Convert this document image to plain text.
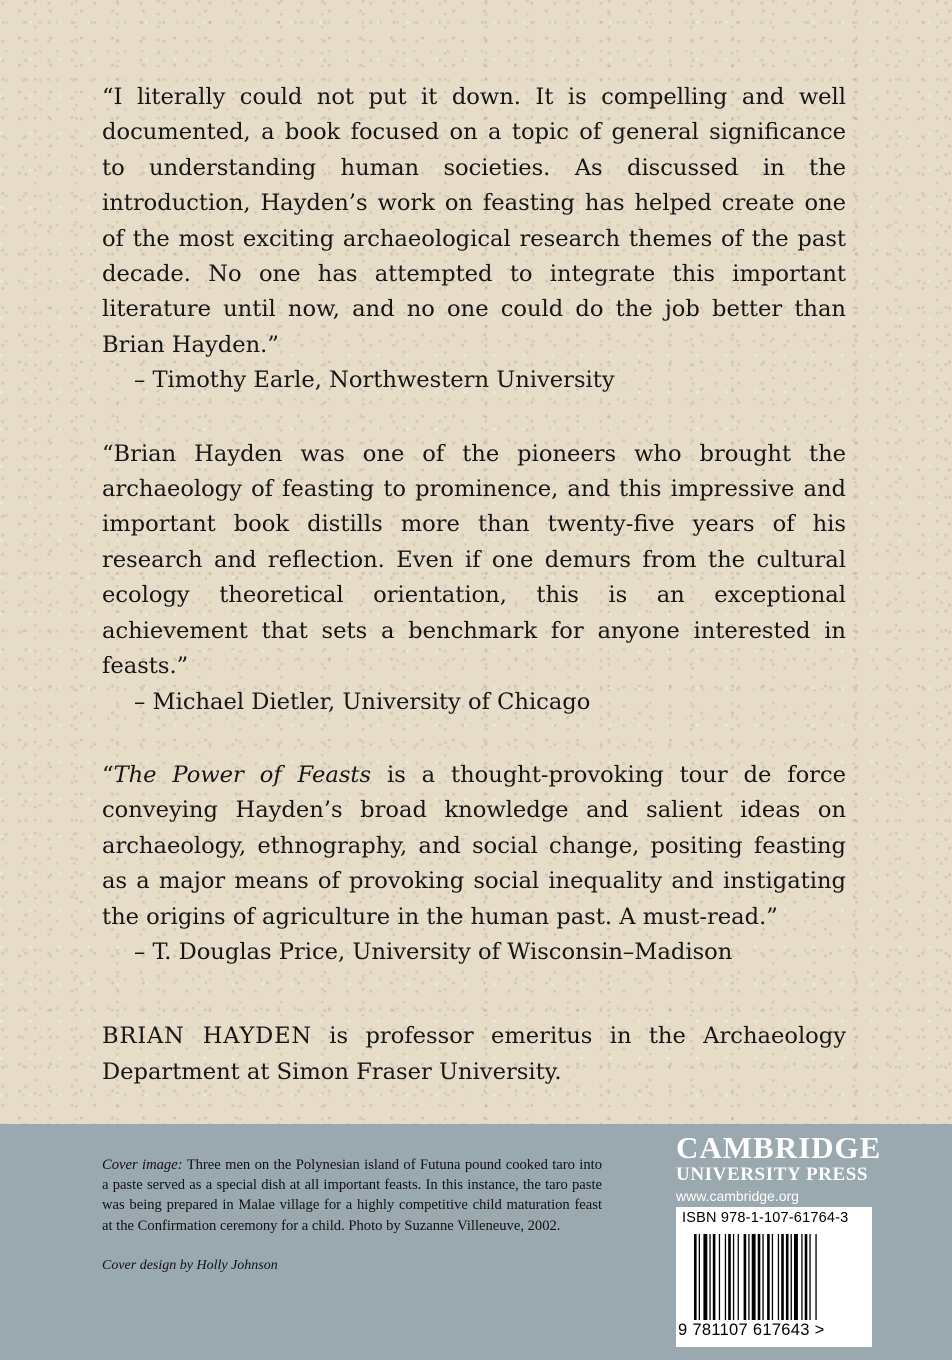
“I literally could not put it down. It is compelling and well documented, a book focused on a topic of general significance to understanding human societies. As discussed in the introduction, Hayden’s work on feasting has helped create one of the most exciting archaeological research themes of the past decade. No one has attempted to integrate this important literature until now, and no one could do the job better than Brian Hayden.”

– Timothy Earle, Northwestern University

“Brian Hayden was one of the pioneers who brought the archaeology of feasting to prominence, and this impressive and important book distills more than twenty-five years of his research and reflection. Even if one demurs from the cultural ecology theoretical orientation, this is an exceptional achievement that sets a benchmark for anyone interested in feasts.”

– Michael Dietler, University of Chicago

“The Power of Feasts is a thought-provoking tour de force conveying Hayden’s broad knowledge and salient ideas on archaeology, ethnography, and social change, positing feasting as a major means of provoking social inequality and instigating the origins of agriculture in the human past. A must-read.”

– T. Douglas Price, University of Wisconsin–Madison

BRIAN HAYDEN is professor emeritus in the Archaeology Department at Simon Fraser University.

Cover image: Three men on the Polynesian island of Futuna pound cooked taro into a paste served as a special dish at all important feasts. In this instance, the taro paste was being prepared in Malae village for a highly competitive child maturation feast at the Confirmation ceremony for a child. Photo by Suzanne Villeneuve, 2002.

Cover design by Holly Johnson
CAMBRIDGE
UNIVERSITY PRESS
www.cambridge.org
ISBN 978-1-107-61764-3
9 781107 617643 >
